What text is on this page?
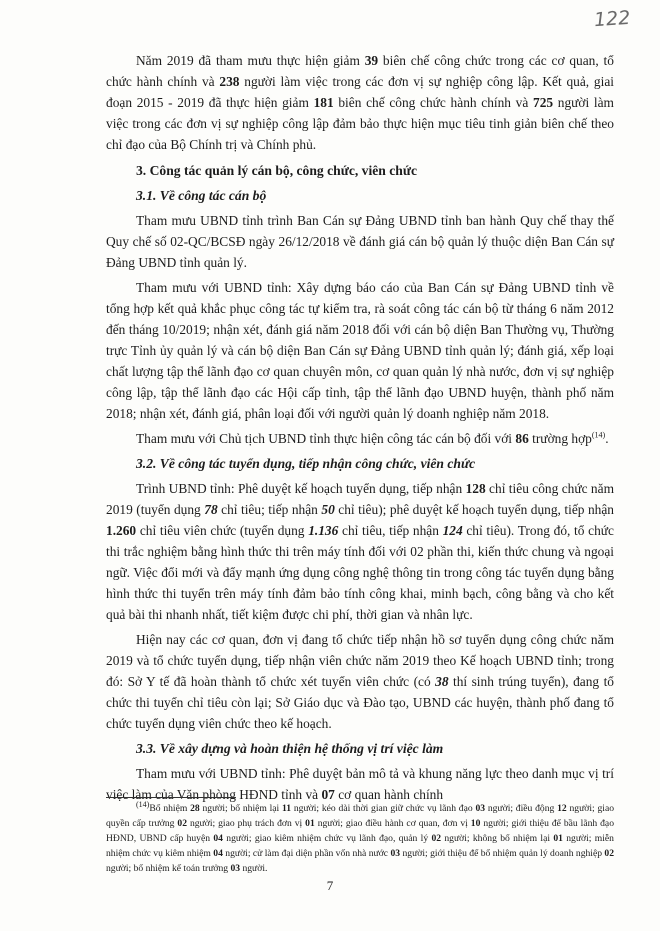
122

Năm 2019 đã tham mưu thực hiện giảm 39 biên chế công chức trong các cơ quan, tổ chức hành chính và 238 người làm việc trong các đơn vị sự nghiệp công lập. Kết quả, giai đoạn 2015 - 2019 đã thực hiện giảm 181 biên chế công chức hành chính và 725 người làm việc trong các đơn vị sự nghiệp công lập đảm bảo thực hiện mục tiêu tinh giản biên chế theo chỉ đạo của Bộ Chính trị và Chính phủ.

3. Công tác quản lý cán bộ, công chức, viên chức
3.1. Về công tác cán bộ

Tham mưu UBND tỉnh trình Ban Cán sự Đảng UBND tỉnh ban hành Quy chế thay thế Quy chế số 02-QC/BCSĐ ngày 26/12/2018 về đánh giá cán bộ quản lý thuộc diện Ban Cán sự Đảng UBND tỉnh quản lý.

Tham mưu với UBND tỉnh: Xây dựng báo cáo của Ban Cán sự Đảng UBND tỉnh về tổng hợp kết quả khắc phục công tác tự kiểm tra, rà soát công tác cán bộ từ tháng 6 năm 2012 đến tháng 10/2019; nhận xét, đánh giá năm 2018 đối với cán bộ diện Ban Thường vụ, Thường trực Tỉnh ủy quản lý và cán bộ diện Ban Cán sự Đảng UBND tỉnh quản lý; đánh giá, xếp loại chất lượng tập thể lãnh đạo cơ quan chuyên môn, cơ quan quản lý nhà nước, đơn vị sự nghiệp công lập, tập thể lãnh đạo các Hội cấp tỉnh, tập thể lãnh đạo UBND huyện, thành phố năm 2018; nhận xét, đánh giá, phân loại đối với người quản lý doanh nghiệp năm 2018.

Tham mưu với Chủ tịch UBND tỉnh thực hiện công tác cán bộ đối với 86 trường hợp$^{(14)}$.

3.2. Về công tác tuyển dụng, tiếp nhận công chức, viên chức

Trình UBND tỉnh: Phê duyệt kế hoạch tuyển dụng, tiếp nhận 128 chỉ tiêu công chức năm 2019 (tuyển dụng 78 chỉ tiêu; tiếp nhận 50 chỉ tiêu); phê duyệt kế hoạch tuyển dụng, tiếp nhận 1.260 chỉ tiêu viên chức (tuyển dụng 1.136 chỉ tiêu, tiếp nhận 124 chỉ tiêu). Trong đó, tổ chức thi trắc nghiệm bằng hình thức thi trên máy tính đối với 02 phần thi, kiến thức chung và ngoại ngữ. Việc đổi mới và đẩy mạnh ứng dụng công nghệ thông tin trong công tác tuyển dụng bằng hình thức thi tuyển trên máy tính đảm bảo tính công khai, minh bạch, công bằng và cho kết quả bài thi nhanh nhất, tiết kiệm được chi phí, thời gian và nhân lực.

Hiện nay các cơ quan, đơn vị đang tổ chức tiếp nhận hồ sơ tuyển dụng công chức năm 2019 và tổ chức tuyển dụng, tiếp nhận viên chức năm 2019 theo Kế hoạch UBND tỉnh; trong đó: Sở Y tế đã hoàn thành tổ chức xét tuyển viên chức (có 38 thí sinh trúng tuyển), đang tổ chức thi tuyển chỉ tiêu còn lại; Sở Giáo dục và Đào tạo, UBND các huyện, thành phố đang tổ chức tuyển dụng viên chức theo kế hoạch.

3.3. Về xây dựng và hoàn thiện hệ thống vị trí việc làm

Tham mưu với UBND tỉnh: Phê duyệt bản mô tả và khung năng lực theo danh mục vị trí việc làm của Văn phòng HĐND tỉnh và 07 cơ quan hành chính

$^{(14)}$Bổ nhiệm 28 người; bổ nhiệm lại 11 người; kéo dài thời gian giữ chức vụ lãnh đạo 03 người; điều động 12 người; giao quyền cấp trưởng 02 người; giao phụ trách đơn vị 01 người; giao điều hành cơ quan, đơn vị 10 người; giới thiệu để bầu lãnh đạo HĐND, UBND cấp huyện 04 người; giao kiêm nhiệm chức vụ lãnh đạo, quản lý 02 người; không bổ nhiệm lại 01 người; miễn nhiệm chức vụ kiêm nhiệm 04 người; cử làm đại diện phần vốn nhà nước 03 người; giới thiệu để bổ nhiệm quản lý doanh nghiệp 02 người; bổ nhiệm kế toán trưởng 03 người.
7
